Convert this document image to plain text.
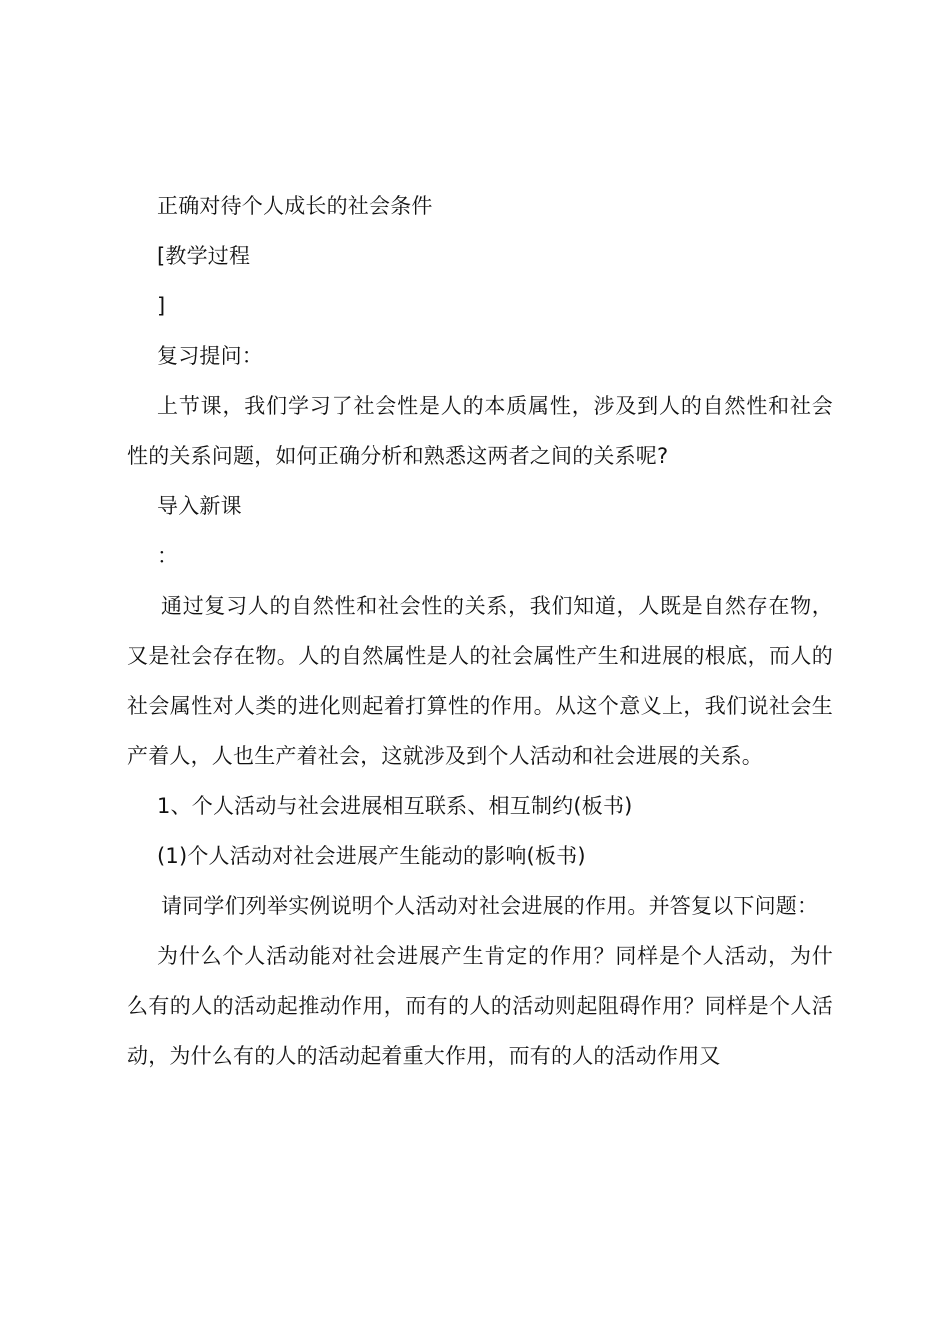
正确对待个人成长的社会条件

[教学过程

]

复习提问：

上节课，我们学习了社会性是人的本质属性，涉及到人的自然性和社会性的关系问题，如何正确分析和熟悉这两者之间的关系呢?

导入新课

：

通过复习人的自然性和社会性的关系，我们知道，人既是自然存在物，又是社会存在物。人的自然属性是人的社会属性产生和进展的根底，而人的社会属性对人类的进化则起着打算性的作用。从这个意义上，我们说社会生产着人，人也生产着社会，这就涉及到个人活动和社会进展的关系。

1、个人活动与社会进展相互联系、相互制约(板书)

(1)个人活动对社会进展产生能动的影响(板书)

请同学们列举实例说明个人活动对社会进展的作用。并答复以下问题：

为什么个人活动能对社会进展产生肯定的作用？同样是个人活动，为什么有的人的活动起推动作用，而有的人的活动则起阻碍作用？同样是个人活动，为什么有的人的活动起着重大作用，而有的人的活动作用又
